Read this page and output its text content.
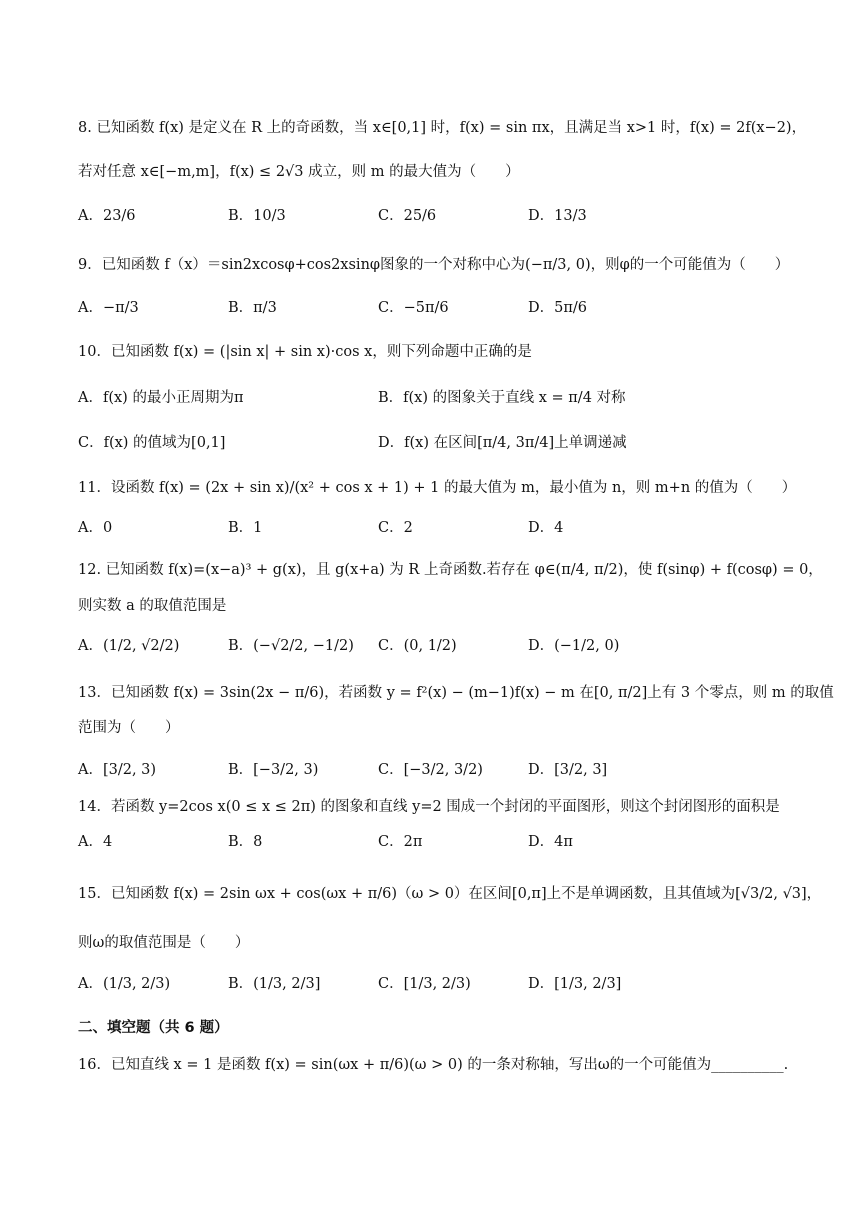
8. 已知函数 f(x) 是定义在 R 上的奇函数，当 x∈[0,1] 时，f(x) = sin πx，且满足当 x>1 时，f(x) = 2f(x−2)，
若对任意 x∈[−m,m]，f(x) ≤ 2√3 成立，则 m 的最大值为（　　）
A．23/6	B．10/3	C．25/6	D．13/3
9．已知函数 f（x）＝sin2xcosφ+cos2xsinφ图象的一个对称中心为(−π/3, 0)，则φ的一个可能值为（　　）
A．−π/3	B．π/3	C．−5π/6	D．5π/6
10．已知函数 f(x) = (|sin x| + sin x)·cos x，则下列命题中正确的是
A．f(x) 的最小正周期为π	B．f(x) 的图象关于直线 x = π/4 对称
C．f(x) 的值域为[0,1]	D．f(x) 在区间[π/4, 3π/4]上单调递减
11．设函数 f(x) = (2x + sin x)/(x² + cos x + 1) + 1 的最大值为 m，最小值为 n，则 m+n 的值为（　　）
A．0	B．1	C．2	D．4
12. 已知函数 f(x)=(x−a)³ + g(x)，且 g(x+a) 为 R 上奇函数.若存在 φ∈(π/4, π/2)，使 f(sinφ) + f(cosφ) = 0，
则实数 a 的取值范围是
A．(1/2, √2/2)	B．(−√2/2, −1/2) C．(0, 1/2)	D．(−1/2, 0)
13．已知函数 f(x) = 3sin(2x − π/6)，若函数 y = f²(x) − (m−1)f(x) − m 在[0, π/2]上有 3 个零点，则 m 的取值
范围为（　　）
A．[3/2, 3)	B．[−3/2, 3)	C．[−3/2, 3/2)	D．[3/2, 3]
14．若函数 y=2cos x(0 ≤ x ≤ 2π) 的图象和直线 y=2 围成一个封闭的平面图形，则这个封闭图形的面积是
A．4	B．8	C．2π	D．4π
15．已知函数 f(x) = 2sin ωx + cos(ωx + π/6)（ω > 0）在区间[0,π]上不是单调函数，且其值域为[√3/2, √3]，
则ω的取值范围是（　　）
A．(1/3, 2/3)	B．(1/3, 2/3]	C．[1/3, 2/3)	D．[1/3, 2/3]
二、填空题（共 6 题）
16．已知直线 x = 1 是函数 f(x) = sin(ωx + π/6)(ω > 0) 的一条对称轴，写出ω的一个可能值为__________.
